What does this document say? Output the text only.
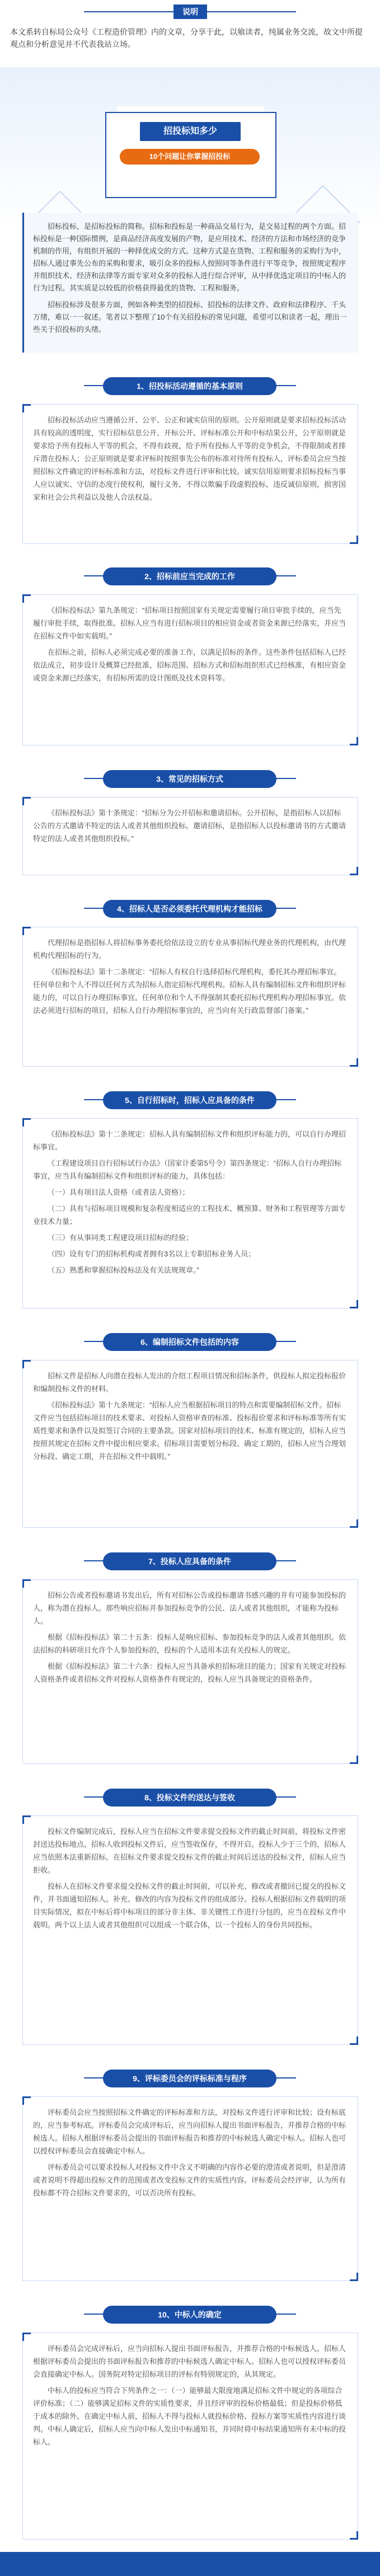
说明
本文系转自标局公众号《工程造价管理》内的文章，分享于此，以飨读者，纯属业务交流，故文中所提观点和分析意见并不代表我站立场。
招投标知多少
10个问题让你掌握招投标

招标投标，是招标投标的简称。招标和投标是一种商品交易行为，是交易过程的两个方面。招标投标是一种国际惯例，是商品经济高度发展的产物，是应用技术、经济的方法和市场经济的竞争机制的作用，有组织开展的一种择优成交的方式。这种方式是在货物、工程和服务的采购行为中，招标人通过事先公布的采购和要求，吸引众多的投标人按照同等条件进行平等竞争，按照规定程序并组织技术、经济和法律等方面专家对众多的投标人进行综合评审，从中择优选定项目的中标人的行为过程。其实质是以较低的价格获得最优的货物、工程和服务。

招标投标涉及很多方面，例如各种类型的招投标、招投标的法律文件、政府和法律程序、千头万绪，难以一一叙述。笔者以下整理了10个有关招投标的常见问题，希望可以和读者一起，理出一些关于招投标的头绪。

1、招投标活动遵循的基本原则

招标投标活动应当遵循公开、公平、公正和诚实信用的原则。公开原则就是要求招标投标活动具有较高的透明度，实行招标信息公开、开标公开、评标标准公开和中标结果公开，公平原则就是要求给予所有投标人平等的机会，不得有歧视，给予所有投标人平等的竞争机会，不得限制或者排斥潜在投标人；公正原则就是要求评标时按照事先公布的标准对待所有投标人，评标委员会应当按照招标文件确定的评标标准和方法，对投标文件进行评审和比较。诚实信用原则要求招标投标当事人应以诚实、守信的态度行使权利，履行义务，不得以欺骗手段虚假投标，违反诚信原则，损害国家和社会公共利益以及他人合法权益。

2、招标前应当完成的工作

《招标投标法》第九条规定：“招标项目按照国家有关规定需要履行项目审批手续的，应当先履行审批手续，取得批准。招标人应当有进行招标项目的相应资金或者资金来源已经落实，并应当在招标文件中如实载明。”

在招标之前，招标人必须完成必要的准备工作，以满足招标的条件。这些条件包括招标人已经依法成立，初步设计及概算已经批准，招标范围、招标方式和招标组织形式已经核准，有相应资金或资金来源已经落实，有招标所需的设计图纸及技术资料等。

3、常见的招标方式

《招标投标法》第十条规定：“招标分为公开招标和邀请招标。公开招标，是指招标人以招标公告的方式邀请不特定的法人或者其他组织投标。邀请招标，是指招标人以投标邀请书的方式邀请特定的法人或者其他组织投标。”

4、招标人是否必须委托代理机构才能招标

代理招标是指招标人将招标事务委托给依法设立的专业从事招标代理业务的代理机构，由代理机构代理招标的行为。

《招标投标法》第十二条规定：“招标人有权自行选择招标代理机构，委托其办理招标事宜。任何单位和个人不得以任何方式为招标人指定招标代理机构。招标人具有编制招标文件和组织评标能力的，可以自行办理招标事宜。任何单位和个人不得强制其委托招标代理机构办理招标事宜。依法必须进行招标的项目，招标人自行办理招标事宜的，应当向有关行政监督部门备案。”

5、自行招标时，招标人应具备的条件

《招标投标法》第十二条规定：招标人具有编制招标文件和组织评标能力的，可以自行办理招标事宜。

《工程建设项目自行招标试行办法》（国家计委第5号令）第四条规定：“招标人自行办理招标事宜，应当具有编制招标文件和组织评标的能力，具体包括：

（一）具有项目法人资格（或者法人资格）；

（二）具有与招标项目规模和复杂程度相适应的工程技术、概预算、财务和工程管理等方面专业技术力量；

（三）有从事同类工程建设项目招标的经验；

（四）设有专门的招标机构或者拥有3名以上专职招标业务人员；

（五）熟悉和掌握招标投标法及有关法规规章。”

6、编制招标文件包括的内容

招标文件是招标人向潜在投标人发出的介绍工程项目情况和招标条件，供投标人拟定投标报价和编制投标文件的材料。

《招标投标法》第十九条规定：“招标人应当根据招标项目的特点和需要编制招标文件。招标文件应当包括招标项目的技术要求、对投标人资格审查的标准、投标报价要求和评标标准等所有实质性要求和条件以及拟签订合同的主要条款。国家对招标项目的技术、标准有规定的，招标人应当按照其规定在招标文件中提出相应要求。招标项目需要划分标段、确定工期的，招标人应当合理划分标段、确定工期，并在招标文件中载明。”

7、投标人应具备的条件

招标公告或者投标邀请书发出后，所有对招标公告或投标邀请书感兴趣的并有可能参加投标的人，称为潜在投标人。那些响应招标并参加投标竞争的公民、法人或者其他组织，才能称为投标人。

根据《招标投标法》第二十五条：投标人是响应招标、参加投标竞争的法人或者其他组织。依法招标的科研项目允许个人参加投标的，投标的个人适用本法有关投标人的规定。

根据《招标投标法》第二十六条：投标人应当具备承担招标项目的能力；国家有关规定对投标人资格条件或者招标文件对投标人资格条件有规定的，投标人应当具备规定的资格条件。

8、投标文件的送达与签收

投标文件编制完成后，投标人应当在招标文件要求提交投标文件的截止时间前，将投标文件密封送达投标地点。招标人收到投标文件后，应当签收保存，不得开启。投标人少于三个的，招标人应当依照本法重新招标。在招标文件要求提交投标文件的截止时间后送达的投标文件，招标人应当拒收。

投标人在招标文件要求提交投标文件的截止时间前，可以补充、修改或者撤回已提交的投标文件，并书面通知招标人。补充、修改的内容为投标文件的组成部分。投标人根据招标文件载明的项目实际情况，拟在中标后将中标项目的部分非主体、非关键性工作进行分包的，应当在投标文件中载明。两个以上法人或者其他组织可以组成一个联合体，以一个投标人的身份共同投标。

9、评标委员会的评标标准与程序

评标委员会应当按照招标文件确定的评标标准和方法，对投标文件进行评审和比较；设有标底的，应当参考标底。评标委员会完成评标后，应当向招标人提出书面评标报告，并推荐合格的中标候选人。招标人根据评标委员会提出的书面评标报告和推荐的中标候选人确定中标人。招标人也可以授权评标委员会直接确定中标人。

评标委员会可以要求投标人对投标文件中含义不明确的内容作必要的澄清或者说明，但是澄清或者说明不得超出投标文件的范围或者改变投标文件的实质性内容。评标委员会经评审，认为所有投标都不符合招标文件要求的，可以否决所有投标。

10、中标人的确定

评标委员会完成评标后，应当向招标人提出书面评标报告，并推荐合格的中标候选人。招标人根据评标委员会提出的书面评标报告和推荐的中标候选人确定中标人。招标人也可以授权评标委员会直接确定中标人。国务院对特定招标项目的评标有特别规定的，从其规定。

中标人的投标应当符合下列条件之一：（一）能够最大限度地满足招标文件中规定的各项综合评价标准；（二）能够满足招标文件的实质性要求，并且经评审的投标价格最低；但是投标价格低于成本的除外。在确定中标人前，招标人不得与投标人就投标价格、投标方案等实质性内容进行谈判。中标人确定后，招标人应当向中标人发出中标通知书，并同时将中标结果通知所有未中标的投标人。
